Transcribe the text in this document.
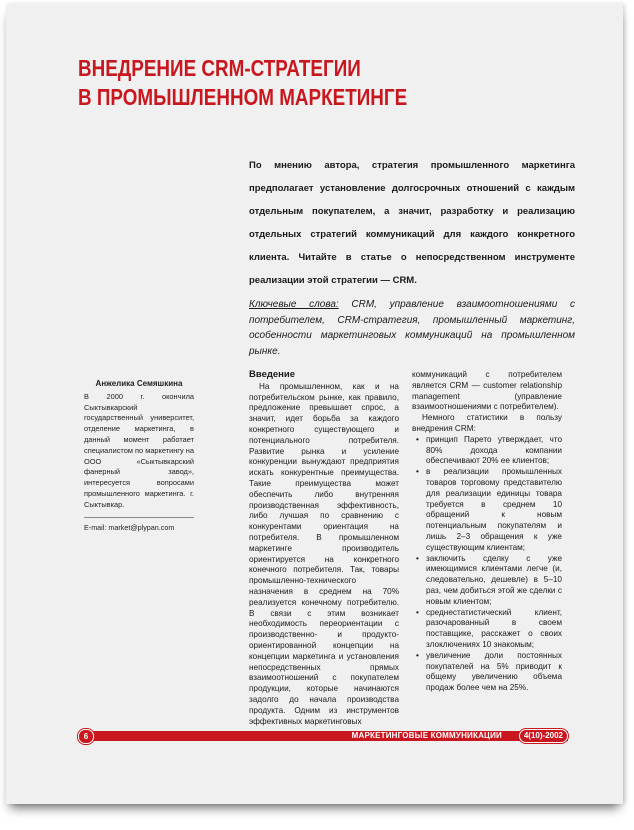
ВНЕДРЕНИЕ CRM-СТРАТЕГИИ
В ПРОМЫШЛЕННОМ МАРКЕТИНГЕ

По мнению автора, стратегия промышленного маркетинга предполагает установление долгосрочных отношений с каждым отдельным покупателем, а значит, разработку и реализацию отдельных стратегий коммуникаций для каждого конкретного клиента. Читайте в статье о непосредственном инструменте реализации этой стратегии — CRM.

Ключевые слова: CRM, управление взаимоотношениями с потребителем, CRM-стратегия, промышленный маркетинг, особенности маркетинговых коммуникаций на промышленном рынке.

Анжелика Семяшкина
В 2000 г. окончила Сыктывкарский государственный университет, отделение маркетинга, в данный момент работает специалистом по маркетингу на ООО «Сыктывкарский фанерный завод», интересуется вопросами промышленного маркетинга. г. Сыктывкар.
E-mail: market@plypan.com
Введение

На промышленном, как и на потребительском рынке, как правило, предложение превышает спрос, а значит, идет борьба за каждого конкретного существующего и потенциального потребителя. Развитие рынка и усиление конкуренции вынуждают предприятия искать конкурентные преимущества. Такие преимущества может обеспечить либо внутренняя производственная эффективность, либо лучшая по сравнению с конкурентами ориентация на потребителя. В промышленном маркетинге производитель ориентируется на конкретного конечного потребителя. Так, товары промышленно-технического назначения в среднем на 70% реализуется конечному потребителю. В связи с этим возникает необходимость переориентации с производственно- и продукто-ориентированной концепции на концепции маркетинга и установления непосредственных прямых взаимоотношений с покупателем продукции, которые начинаются задолго до начала производства продукта. Одним из инструментов эффективных маркетинговых

коммуникаций с потребителем является CRM — customer relationship management (управление взаимоотношениями с потребителем).

Немного статистики в пользу внедрения CRM:

• принцип Парето утверждает, что 80% дохода компании обеспечивают 20% ее клиентов;
• в реализации промышленных товаров торговому представителю для реализации единицы товара требуется в среднем 10 обращений к новым потенциальным покупателям и лишь 2–3 обращения к уже существующим клиентам;
• заключить сделку с уже имеющимися клиентами легче (и, следовательно, дешевле) в 5–10 раз, чем добиться этой же сделки с новым клиентом;
• среднестатистический клиент, разочарованный в своем поставщике, расскажет о своих злоключениях 10 знакомым;
• увеличение доли постоянных покупателей на 5% приводит к общему увеличению объема продаж более чем на 25%.
6	МАРКЕТИНГОВЫЕ КОММУНИКАЦИИ	4(10)-2002
